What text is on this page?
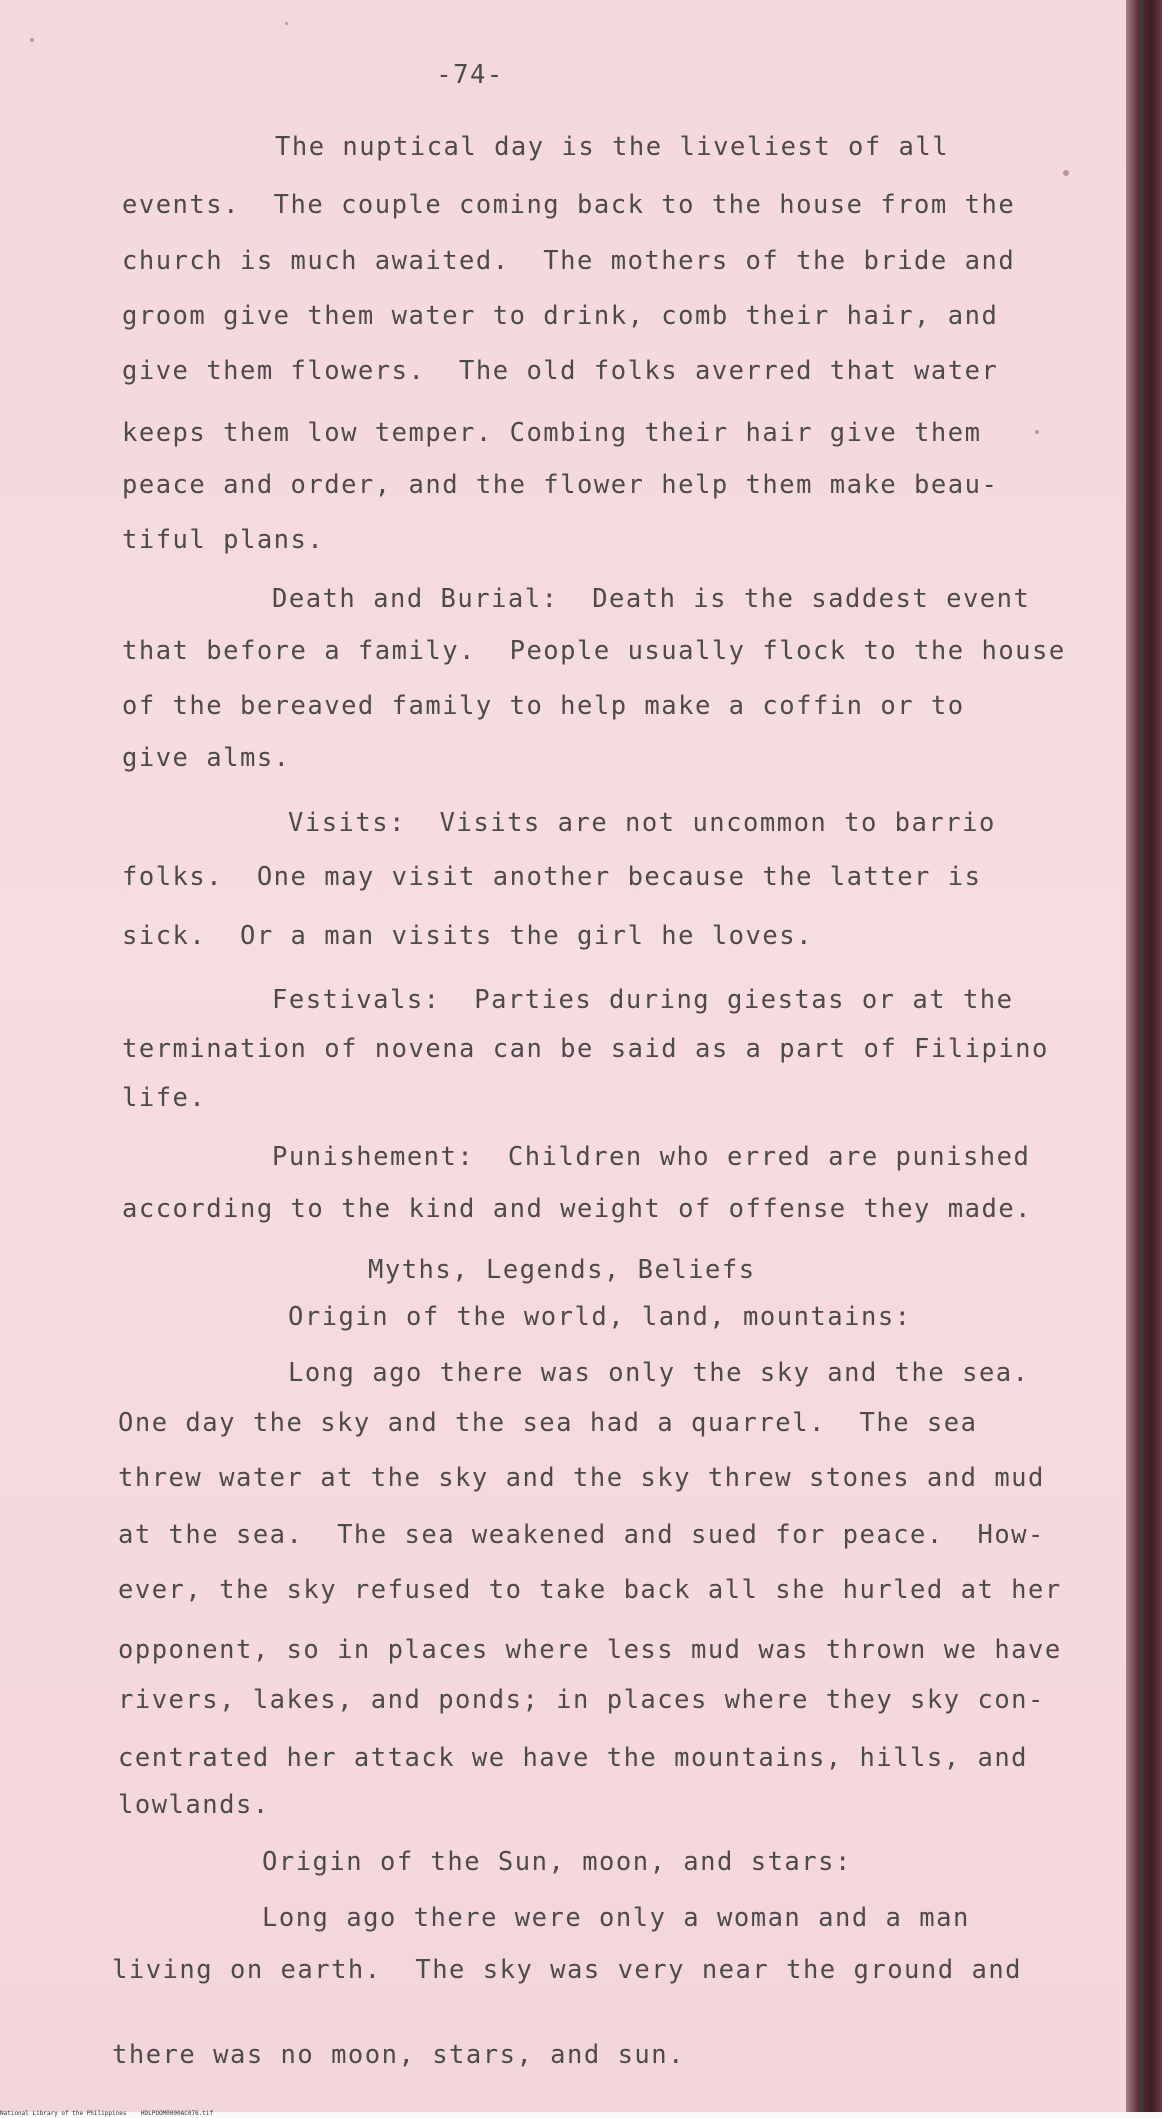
-74-
The nuptical day is the liveliest of all
events.  The couple coming back to the house from the
church is much awaited.  The mothers of the bride and
groom give them water to drink, comb their hair, and
give them flowers.  The old folks averred that water
keeps them low temper. Combing their hair give them
peace and order, and the flower help them make beau-
tiful plans.
Death and Burial:  Death is the saddest event
that before a family.  People usually flock to the house
of the bereaved family to help make a coffin or to
give alms.
Visits:  Visits are not uncommon to barrio
folks.  One may visit another because the latter is
sick.  Or a man visits the girl he loves.
Festivals:  Parties during giestas or at the
termination of novena can be said as a part of Filipino
life.
Punishement:  Children who erred are punished
according to the kind and weight of offense they made.
Myths, Legends, Beliefs
Origin of the world, land, mountains:
Long ago there was only the sky and the sea.
One day the sky and the sea had a quarrel.  The sea
threw water at the sky and the sky threw stones and mud
at the sea.  The sea weakened and sued for peace.  How-
ever, the sky refused to take back all she hurled at her
opponent, so in places where less mud was thrown we have
rivers, lakes, and ponds; in places where they sky con-
centrated her attack we have the mountains, hills, and
lowlands.
Origin of the Sun, moon, and stars:
Long ago there were only a woman and a man
living on earth.  The sky was very near the ground and
there was no moon, stars, and sun.
National Library of the Philippines    HDLPOOM0000AC076.tif
